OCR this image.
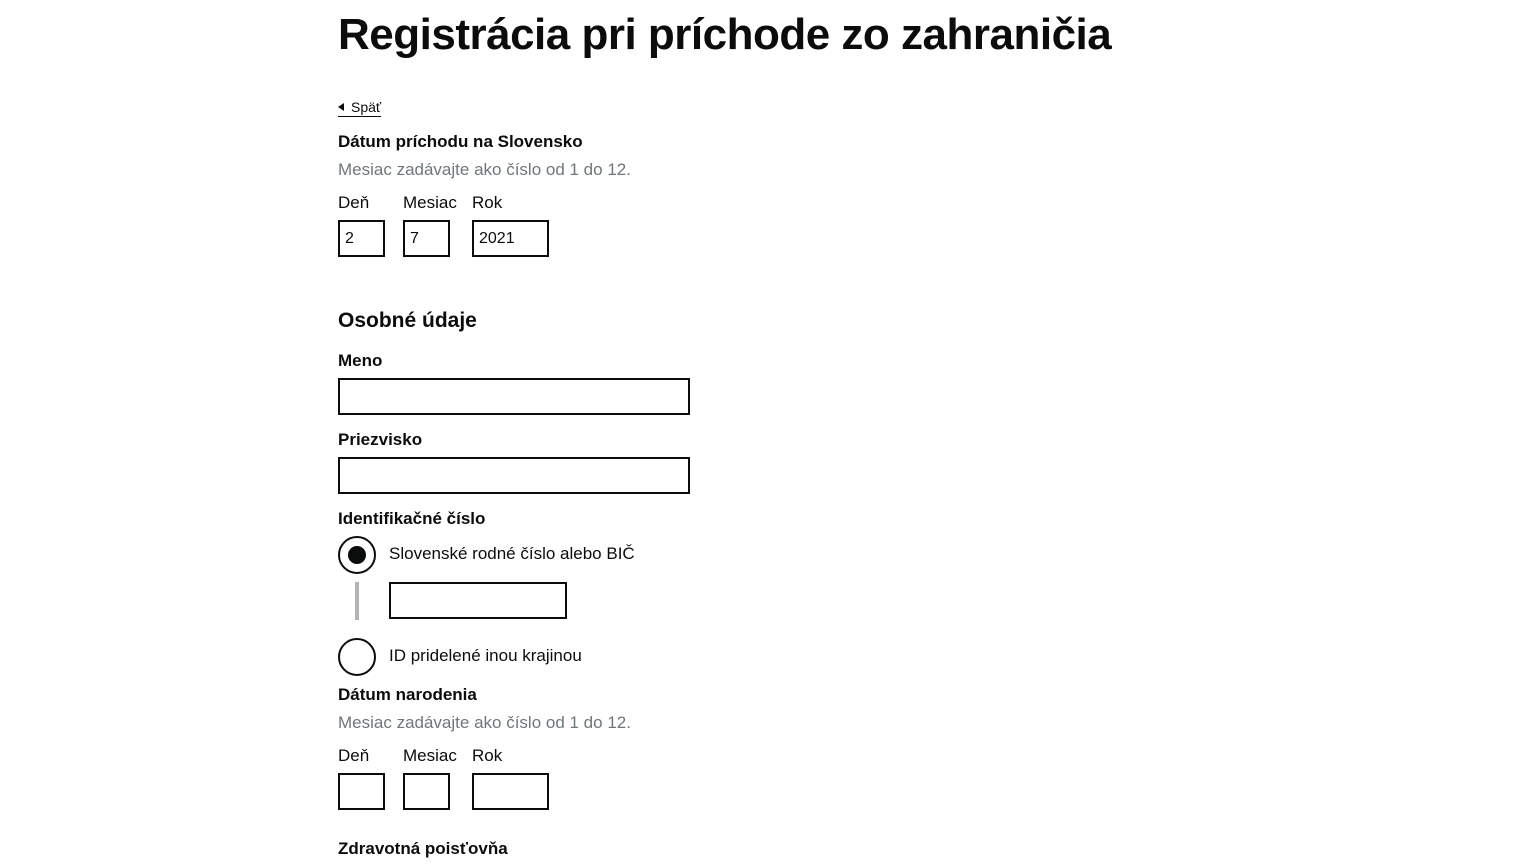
Registrácia pri príchode zo zahraničia
Späť
Dátum príchodu na Slovensko
Mesiac zadávajte ako číslo od 1 do 12.
Deň Mesiac Rok
2
7
2021
Osobné údaje
Meno
Priezvisko
Identifikačné číslo
Slovenské rodné číslo alebo BIČ
ID pridelené inou krajinou
Dátum narodenia
Mesiac zadávajte ako číslo od 1 do 12.
Deň Mesiac Rok
Zdravotná poisťovňa
